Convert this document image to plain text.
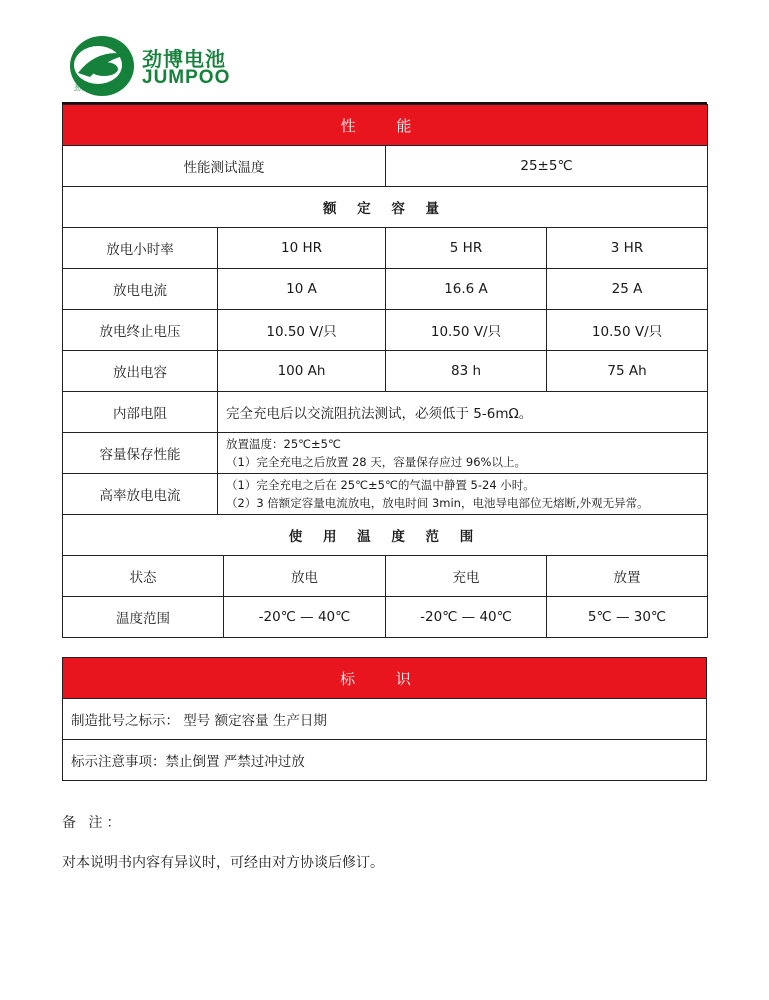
劲博电池
劲博电池
JUMPOO
性 能				
性能测试温度			25±5℃	
额 定 容 量				
放电小时率	10 HR		5 HR	3 HR
放电电流	10 A		16.6 A	25 A
放电终止电压	10.50 V/只		10.50 V/只	10.50 V/只
放出电容	100 Ah		83 h	75 Ah
内部电阻	完全充电后以交流阻抗法测试，必须低于 5-6mΩ。			
容量保存性能	放置温度：25℃±5℃
（1）完全充电之后放置 28 天，容量保存应过 96%以上。			

高率放电电流	（1）完全充电之后在 25℃±5℃的气温中静置 5-24 小时。
（2）3 倍额定容量电流放电，放电时间 3min，电池导电部位无熔断,外观无异常。			

使 用 温 度 范 围				
状态		放电	充电	放置
温度范围		-20℃ — 40℃	-20℃ — 40℃	5℃ — 30℃
标 识
制造批号之标示： 型号 额定容量 生产日期
标示注意事项：禁止倒置 严禁过冲过放
备 注：
对本说明书内容有异议时，可经由对方协谈后修订。
